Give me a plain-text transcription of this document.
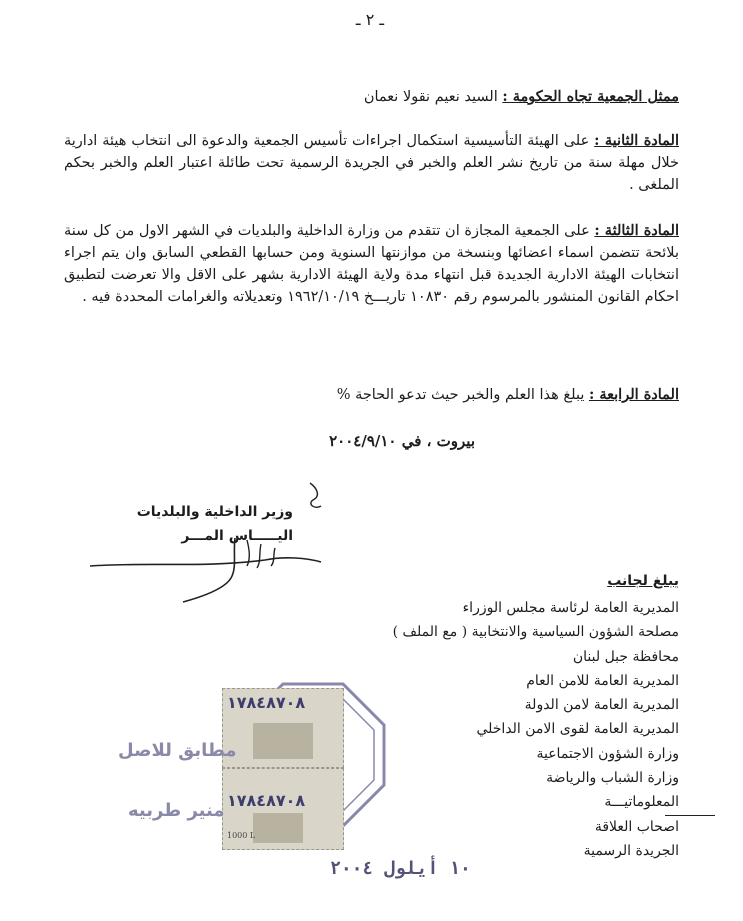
ـ ٢ ـ
ممثل الجمعية تجاه الحكومة : السيد نعيم نقولا نعمان
المادة الثانية : على الهيئة التأسيسية استكمال اجراءات تأسيس الجمعية والدعوة الى انتخاب هيئة ادارية خلال مهلة سنة من تاريخ نشر العلم والخبر في الجريدة الرسمية تحت طائلة اعتبار العلم والخبر بحكم الملغى .
المادة الثالثة : على الجمعية المجازة ان تتقدم من وزارة الداخلية والبلديات في الشهر الاول من كل سنة بلائحة تتضمن اسماء اعضائها وبنسخة من موازنتها السنوية ومن حسابها القطعي السابق وان يتم اجراء انتخابات الهيئة الادارية الجديدة قبل انتهاء مدة ولاية الهيئة الادارية بشهر على الاقل والا تعرضت لتطبيق احكام القانون المنشور بالمرسوم رقم ١٠٨٣٠ تاريـــخ ١٩٦٢/١٠/١٩ وتعديلاته والغرامات المحددة فيه .
المادة الرابعة : يبلغ هذا العلم والخبر حيث تدعو الحاجة %
بيروت ، في ٢٠٠٤/٩/١٠
وزير الداخلية والبلديات
اليـــــاس المـــر
يبلغ لجانب
المديرية العامة لرئاسة مجلس الوزراء
مصلحة الشؤون السياسية والانتخابية ( مع الملف )
محافظة جبل لبنان
المديرية العامة للامن العام
المديرية العامة لامن الدولة
المديرية العامة لقوى الامن الداخلي
وزارة الشؤون الاجتماعية
وزارة الشباب والرياضة
المعلوماتيـــة
اصحاب العلاقة
الجريدة الرسمية
١٧٨٤٨٧٠٨
١٧٨٤٨٧٠٨
1000 L
مطابق للاصل
منير طربيه
١٠ أيلول ٢٠٠٤
